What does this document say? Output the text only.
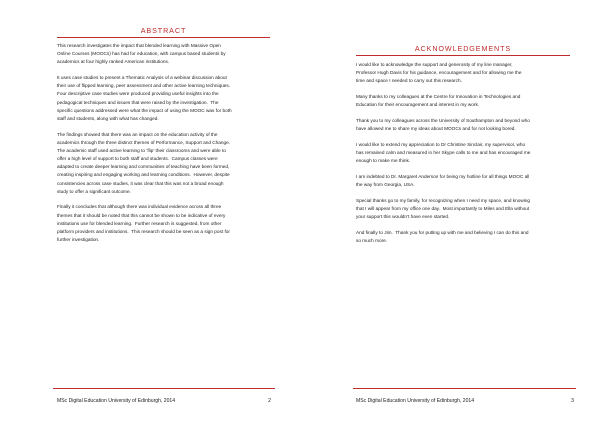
ABSTRACT

This research investigates the impact that blended learning with Massive Open
Online Courses (MOOCs) has had for education, with campus based students by
academics at four highly ranked American institutions.

It uses case studies to present a Thematic Analysis of a webinar discussion about
their use of flipped learning, peer assessment and other active learning techniques.
Four descriptive case studies were produced providing useful insights into the
pedagogical techniques and issues that were raised by the investigation.  The
specific questions addressed were what the impact of using the MOOC was for both
staff and students, along with what has changed.

The findings showed that there was an impact on the education activity of the
academics through the three distinct themes of Performance, Support and Change.
The academic staff used active learning to ‘flip’ their classrooms and were able to
offer a high level of support to both staff and students.  Campus classes were
adapted to create deeper learning and communities of teaching have been formed,
creating inspiring and engaging working and learning conditions.  However, despite
consistencies across case studies, it was clear that this was not a broad enough
study to offer a significant outcome.

Finally it concludes that although there was individual evidence across all three
themes that it should be noted that this cannot be shown to be indicative of every
institutions use for blended learning.  Further research is suggested, from other
platform providers and institutions.  This research should be seen as a sign post for
further investigation.

MSc Digital Education University of Edinburgh, 2014	2
ACKNOWLEDGEMENTS

I would like to acknowledge the support and generosity of my line manager,
Professor Hugh Davis for his guidance, encouragement and for allowing me the
time and space I needed to carry out this research.

Many thanks to my colleagues at the Centre for Innovation in Technologies and
Education for their encouragement and interest in my work.

Thank you to my colleagues across the University of Southampton and beyond who
have allowed me to share my ideas about MOOCs and for not looking bored.

I would like to extend my appreciation to Dr Christine Sinclair, my supervisor, who
has remained calm and measured in her Skype calls to me and has encouraged me
enough to make me think.

I am indebted to Dr. Margaret Anderson for being my hotline for all things MOOC all
the way from Georgia, USA.

Special thanks go to my family, for recognizing when I need my space, and knowing
that I will appear from my office one day.  Most importantly to Miles and Ella without
your support this wouldn’t have even started.

And finally to Jim.  Thank you for putting up with me and believing I can do this and
so much more.

MSc Digital Education University of Edinburgh, 2014	3
